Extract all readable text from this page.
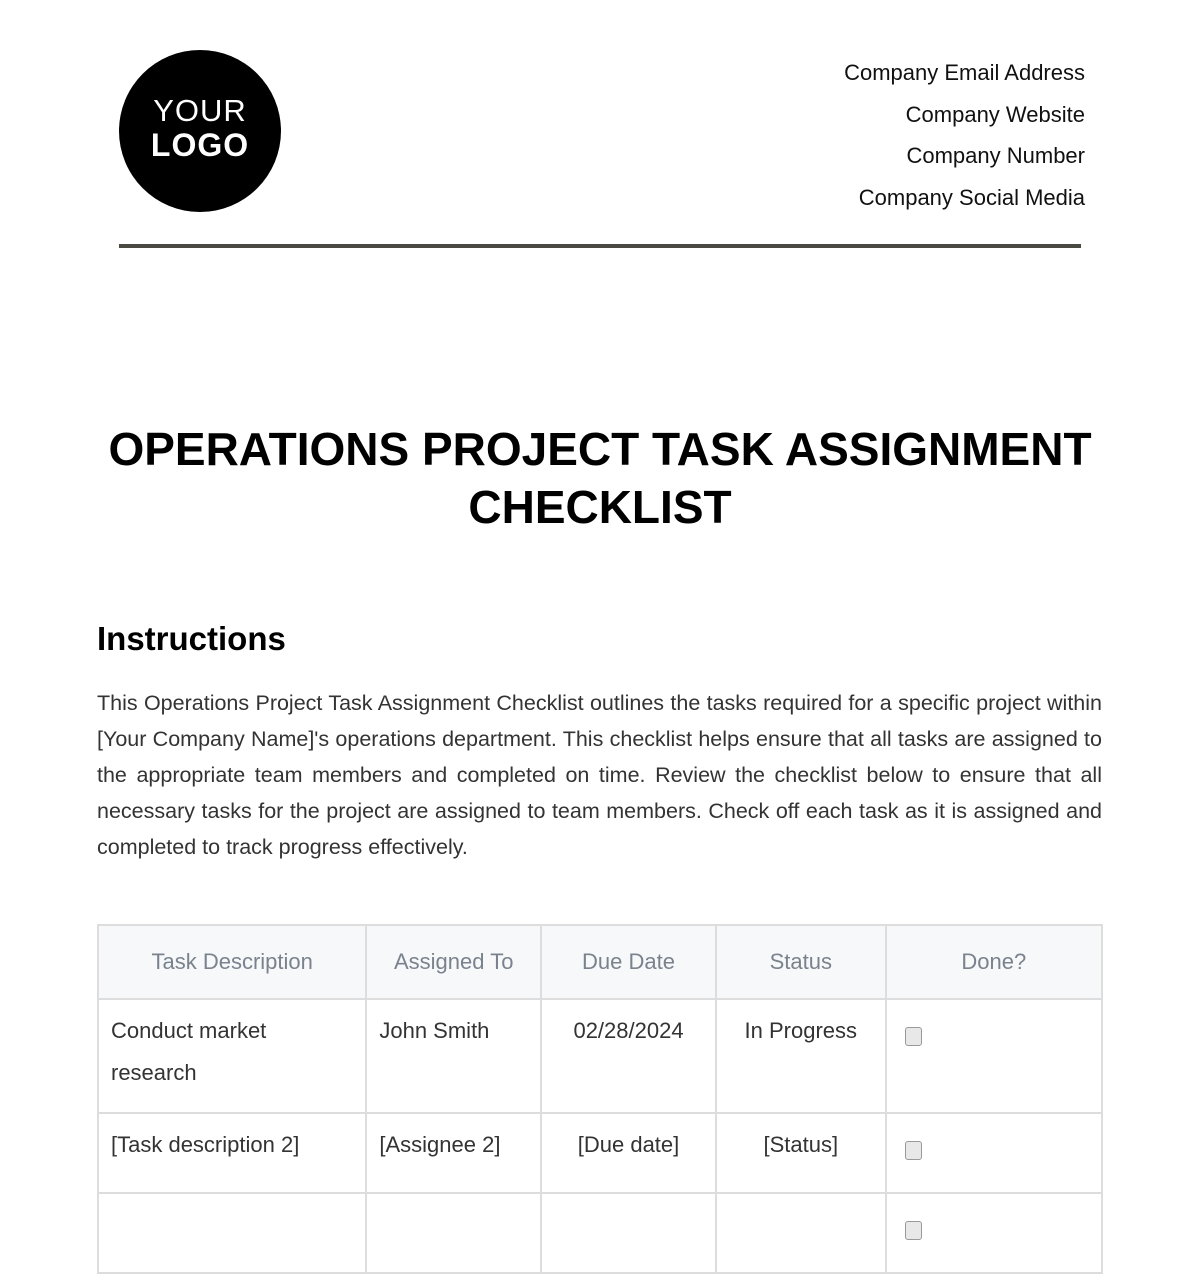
YOUR
LOGO
Company Email Address
Company Website
Company Number
Company Social Media
OPERATIONS PROJECT TASK ASSIGNMENT CHECKLIST
Instructions
This Operations Project Task Assignment Checklist outlines the tasks required for a specific project within [Your Company Name]'s operations department. This checklist helps ensure that all tasks are assigned to the appropriate team members and completed on time. Review the checklist below to ensure that all necessary tasks for the project are assigned to team members. Check off each task as it is assigned and completed to track progress effectively.
Task Description	Assigned To	Due Date	Status	Done?

Conduct market research	John Smith	02/28/2024	In Progress	

[Task description 2]	[Assignee 2]	[Due date]	[Status]	
